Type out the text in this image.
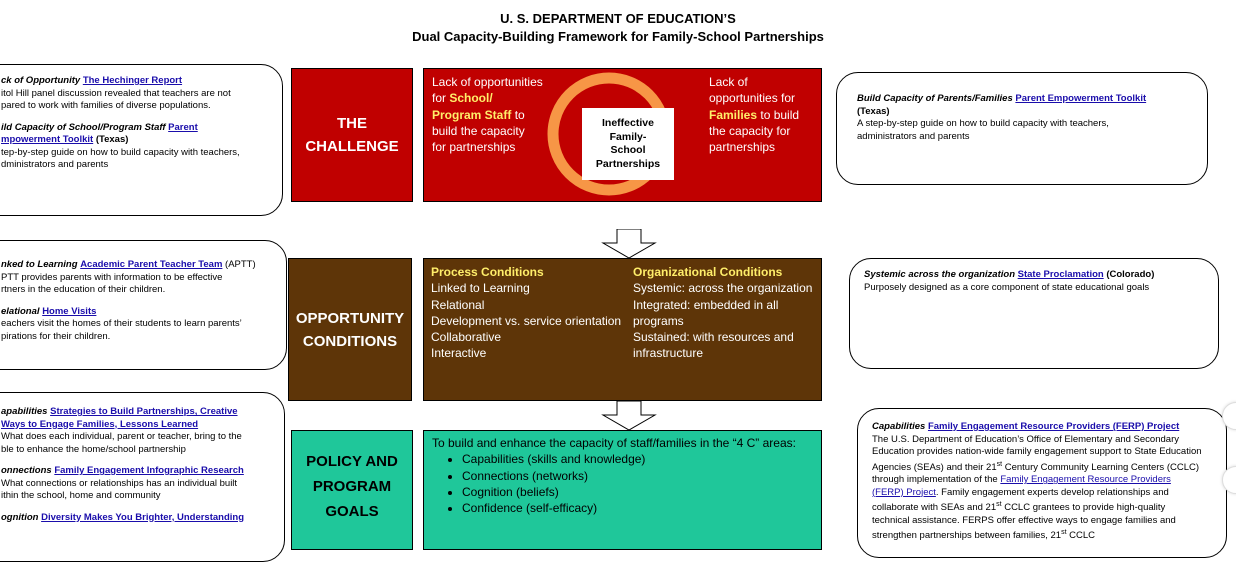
U. S. DEPARTMENT OF EDUCATION’S
Dual Capacity-Building Framework for Family-School Partnerships

ck of Opportunity The Hechinger Report
itol Hill panel discussion revealed that teachers are not
pared to work with families of diverse populations.

ild Capacity of School/Program Staff Parent
mpowerment Toolkit (Texas)
tep-by-step guide on how to build capacity with teachers,
dministrators and parents

nked to Learning Academic Parent Teacher Team (APTT)
PTT provides parents with information to be effective
rtners in the education of their children.

elational Home Visits
eachers visit the homes of their students to learn parents’
pirations for their children.

apabilities Strategies to Build Partnerships, Creative
Ways to Engage Families, Lessons Learned
What does each individual, parent or teacher, bring to the
ble to enhance the home/school partnership

onnections Family Engagement Infographic Research
What connections or relationships has an individual built
ithin the school, home and community

ognition Diversity Makes You Brighter, Understanding

THE
CHALLENGE
Lack of opportunities
for School/
Program Staff to
build the capacity
for partnerships
Lack of
opportunities for
Families to build
the capacity for
partnerships
Ineffective
Family-
School
Partnerships
OPPORTUNITY
CONDITIONS
Process Conditions
Linked to Learning
Relational
Development vs. service orientation
Collaborative
Interactive
Organizational Conditions
Systemic: across the organization
Integrated: embedded in all
programs
Sustained: with resources and
infrastructure
POLICY AND
PROGRAM
GOALS
To build and enhance the capacity of staff/families in the “4 C” areas:
• Capabilities (skills and knowledge)
• Connections (networks)
• Cognition (beliefs)
• Confidence (self-efficacy)
Build Capacity of Parents/Families Parent Empowerment Toolkit
(Texas)
A step-by-step guide on how to build capacity with teachers,
administrators and parents
Systemic across the organization State Proclamation (Colorado)
Purposely designed as a core component of state educational goals
Capabilities Family Engagement Resource Providers (FERP) Project
The U.S. Department of Education’s Office of Elementary and Secondary Education provides nation-wide family engagement support to State Education Agencies (SEAs) and their 21st Century Community Learning Centers (CCLC) through implementation of the Family Engagement Resource Providers (FERP) Project. Family engagement experts develop relationships and collaborate with SEAs and 21st CCLC grantees to provide high-quality technical assistance. FERPS offer effective ways to engage families and strengthen partnerships between families, 21st CCLC
